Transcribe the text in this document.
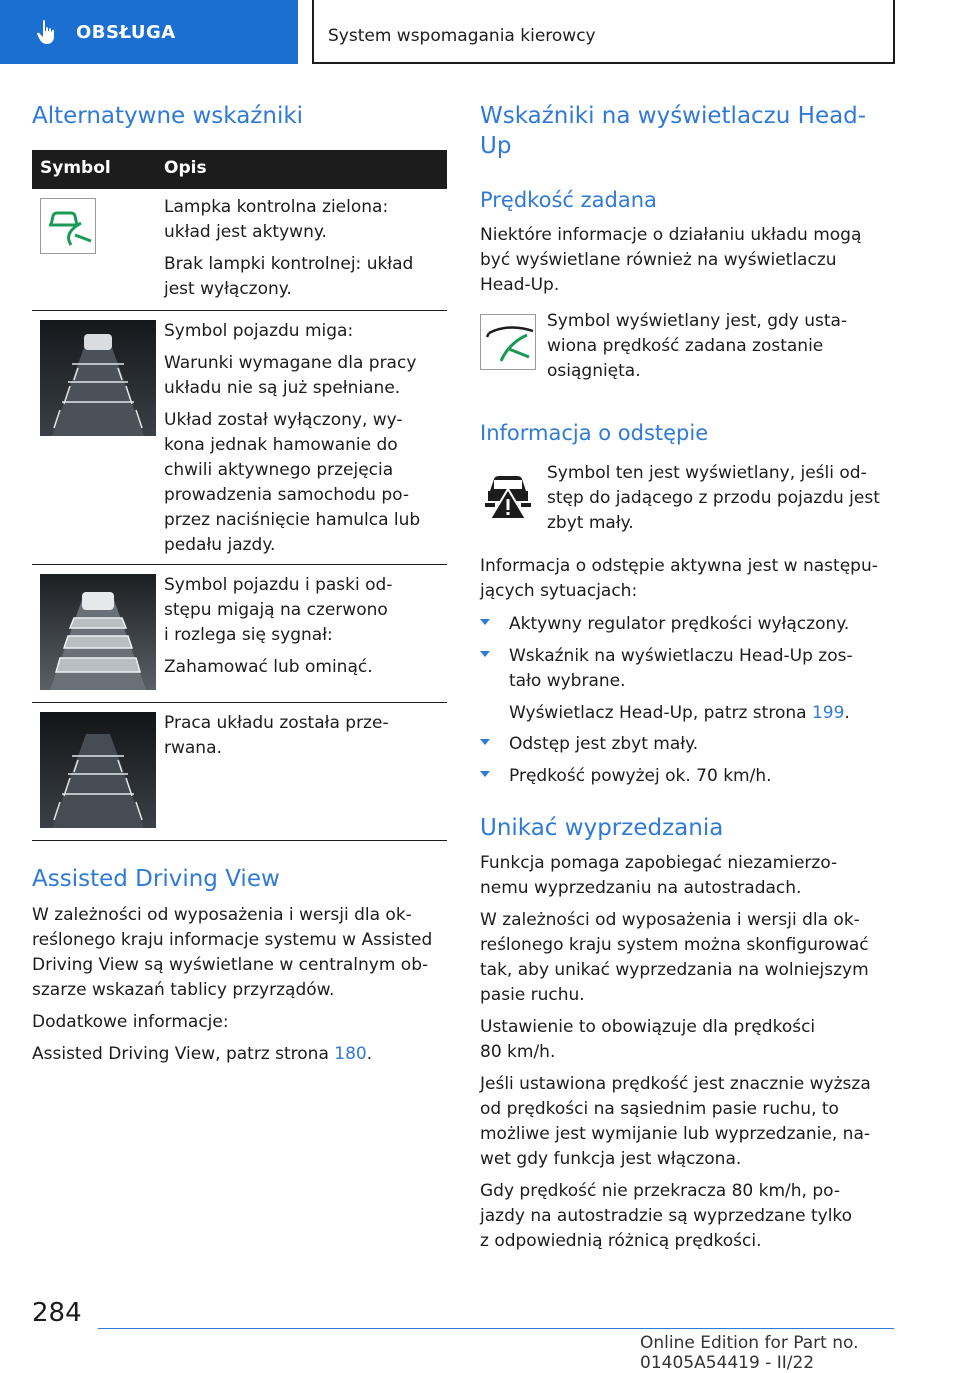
OBSŁUGA	System wspomagania kierowcy
Alternatywne wskaźniki
Symbol	Opis
Lampka kontrolna zielona:
układ jest aktywny.
Brak lampki kontrolnej: układ
jest wyłączony.
Symbol pojazdu miga:
Warunki wymagane dla pracy
układu nie są już spełniane.
Układ został wyłączony, wy-
kona jednak hamowanie do
chwili aktywnego przejęcia
prowadzenia samochodu po-
przez naciśnięcie hamulca lub
pedału jazdy.
Symbol pojazdu i paski od-
stępu migają na czerwono
i rozlega się sygnał:
Zahamować lub ominąć.
Praca układu została prze-
rwana.
Assisted Driving View
W zależności od wyposażenia i wersji dla ok-
reślonego kraju informacje systemu w Assisted
Driving View są wyświetlane w centralnym ob-
szarze wskazań tablicy przyrządów.
Dodatkowe informacje:
Assisted Driving View, patrz strona 180.
Wskaźniki na wyświetlaczu Head-
Up
Prędkość zadana
Niektóre informacje o działaniu układu mogą
być wyświetlane również na wyświetlaczu
Head-Up.
Symbol wyświetlany jest, gdy usta-
wiona prędkość zadana zostanie
osiągnięta.
Informacja o odstępie
Symbol ten jest wyświetlany, jeśli od-
stęp do jadącego z przodu pojazdu jest
zbyt mały.
Informacja o odstępie aktywna jest w następu-
jących sytuacjach:
Aktywny regulator prędkości wyłączony.
Wskaźnik na wyświetlaczu Head-Up zos-
tało wybrane.
Wyświetlacz Head-Up, patrz strona 199.
Odstęp jest zbyt mały.
Prędkość powyżej ok. 70 km/h.
Unikać wyprzedzania
Funkcja pomaga zapobiegać niezamierzo-
nemu wyprzedzaniu na autostradach.
W zależności od wyposażenia i wersji dla ok-
reślonego kraju system można skonfigurować
tak, aby unikać wyprzedzania na wolniejszym
pasie ruchu.
Ustawienie to obowiązuje dla prędkości
80 km/h.
Jeśli ustawiona prędkość jest znacznie wyższa
od prędkości na sąsiednim pasie ruchu, to
możliwe jest wymijanie lub wyprzedzanie, na-
wet gdy funkcja jest włączona.
Gdy prędkość nie przekracza 80 km/h, po-
jazdy na autostradzie są wyprzedzane tylko
z odpowiednią różnicą prędkości.
284
Online Edition for Part no. 01405A54419 - II/22
